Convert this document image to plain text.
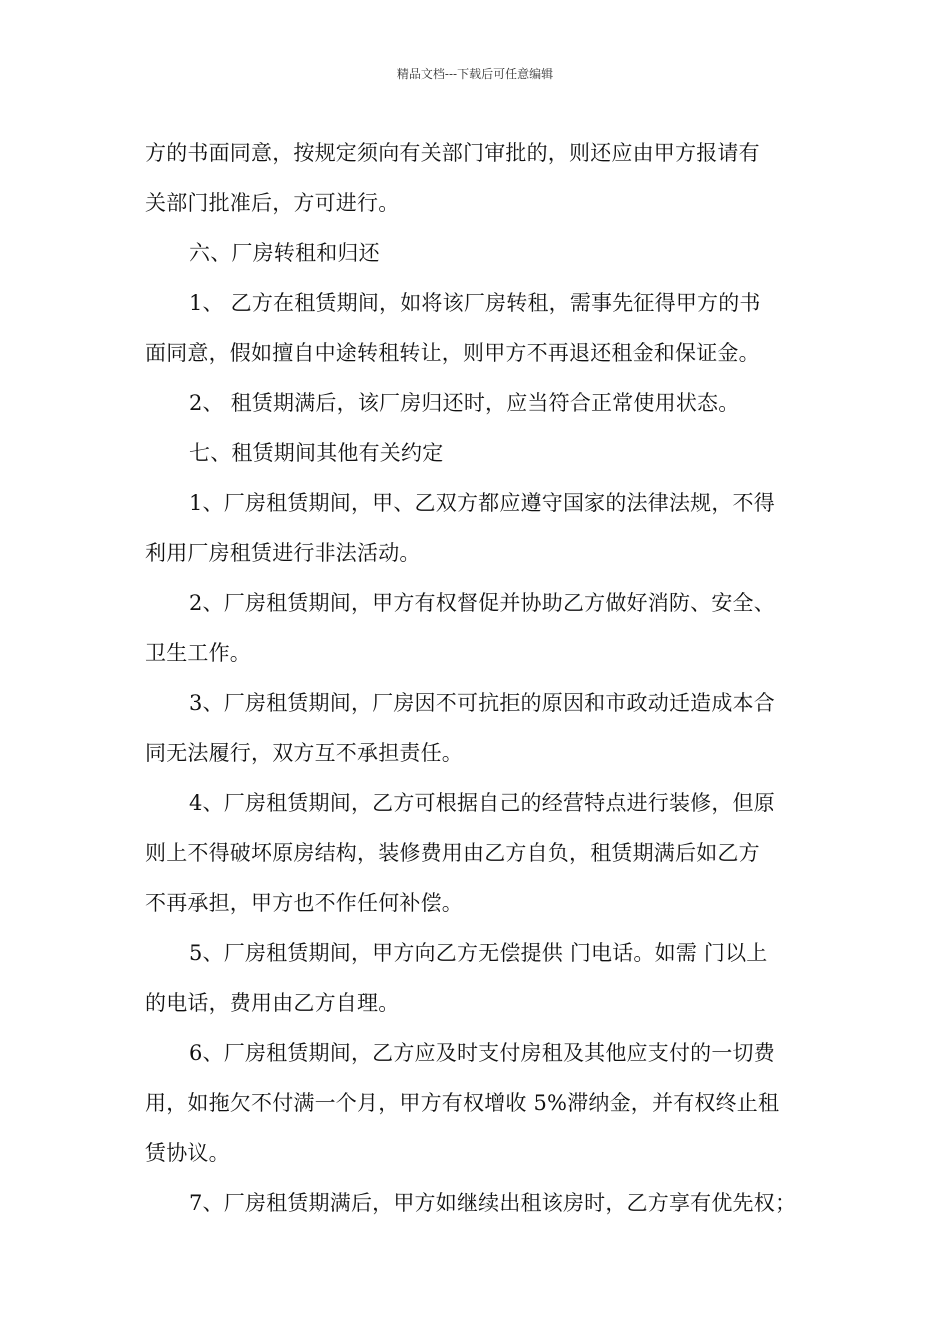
精品文档---下载后可任意编辑
方的书面同意，按规定须向有关部门审批的，则还应由甲方报请有
关部门批准后，方可进行。
六、厂房转租和归还
1、 乙方在租赁期间，如将该厂房转租，需事先征得甲方的书
面同意，假如擅自中途转租转让，则甲方不再退还租金和保证金。
2、 租赁期满后，该厂房归还时，应当符合正常使用状态。
七、租赁期间其他有关约定
1、厂房租赁期间，甲、乙双方都应遵守国家的法律法规，不得
利用厂房租赁进行非法活动。
2、厂房租赁期间，甲方有权督促并协助乙方做好消防、安全、
卫生工作。
3、厂房租赁期间，厂房因不可抗拒的原因和市政动迁造成本合
同无法履行，双方互不承担责任。
4、厂房租赁期间，乙方可根据自己的经营特点进行装修，但原
则上不得破坏原房结构，装修费用由乙方自负，租赁期满后如乙方
不再承担，甲方也不作任何补偿。
5、厂房租赁期间，甲方向乙方无偿提供 门电话。如需 门以上
的电话，费用由乙方自理。
6、厂房租赁期间，乙方应及时支付房租及其他应支付的一切费
用，如拖欠不付满一个月，甲方有权增收 5%滞纳金，并有权终止租
赁协议。
7、厂房租赁期满后，甲方如继续出租该房时，乙方享有优先权；
